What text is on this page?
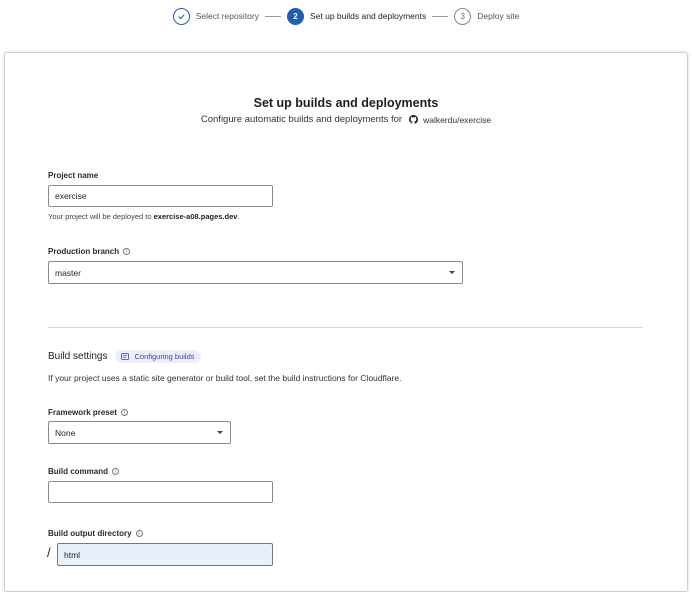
Select repository	2	Set up builds and deployments	3	Deploy site
Set up builds and deployments
Configure automatic builds and deployments for walkerdu/exercise
Project name
exercise
Your project will be deployed to exercise-a08.pages.dev.
Production branch	i
master
Build settings	Configuring builds
If your project uses a static site generator or build tool, set the build instructions for Cloudflare.
Framework preset	i
None
Build command	i
Build output directory	i
/ html
